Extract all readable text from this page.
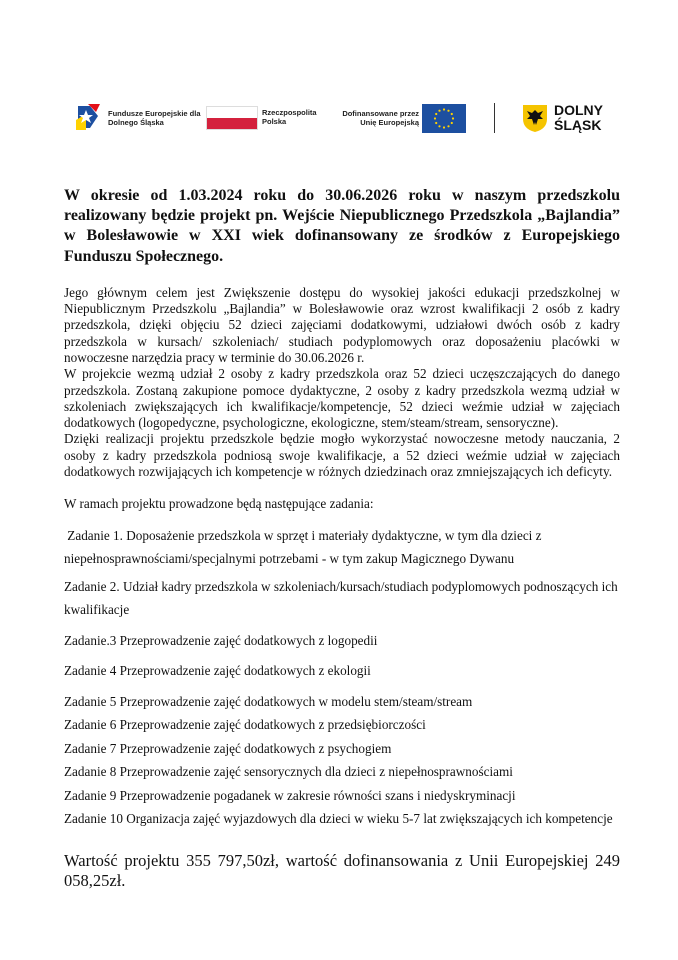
Fundusze Europejskie dla Dolnego Śląska
Rzeczpospolita Polska
Dofinansowane przez Unię Europejską
DOLNY
ŚLĄSK

W okresie od 1.03.2024 roku do 30.06.2026 roku w naszym przedszkolu realizowany będzie projekt pn. Wejście Niepublicznego Przedszkola „Bajlandia” w Bolesławowie w XXI wiek dofinansowany ze środków z Europejskiego Funduszu Społecznego.

Jego głównym celem jest Zwiększenie dostępu do wysokiej jakości edukacji przedszkolnej w Niepublicznym Przedszkolu „Bajlandia” w Bolesławowie oraz wzrost kwalifikacji 2 osób z kadry przedszkola, dzięki objęciu 52 dzieci zajęciami dodatkowymi, udziałowi dwóch osób z kadry przedszkola w kursach/ szkoleniach/ studiach podyplomowych oraz doposażeniu placówki w nowoczesne narzędzia pracy w terminie do 30.06.2026 r.

W projekcie wezmą udział 2 osoby z kadry przedszkola oraz 52 dzieci uczęszczających do danego przedszkola. Zostaną zakupione pomoce dydaktyczne, 2 osoby z kadry przedszkola wezmą udział w szkoleniach zwiększających ich kwalifikacje/kompetencje, 52 dzieci weźmie udział w zajęciach dodatkowych (logopedyczne, psychologiczne, ekologiczne, stem/steam/stream, sensoryczne).

Dzięki realizacji projektu przedszkole będzie mogło wykorzystać nowoczesne metody nauczania, 2 osoby z kadry przedszkola podniosą swoje kwalifikacje, a 52 dzieci weźmie udział w zajęciach dodatkowych rozwijających ich kompetencje w różnych dziedzinach oraz zmniejszających ich deficyty.

W ramach projektu prowadzone będą następujące zadania:

Zadanie 1. Doposażenie przedszkola w sprzęt i materiały dydaktyczne, w tym dla dzieci z niepełnosprawnościami/specjalnymi potrzebami - w tym zakup Magicznego Dywanu

Zadanie 2. Udział kadry przedszkola w szkoleniach/kursach/studiach podyplomowych podnoszących ich kwalifikacje

Zadanie.3 Przeprowadzenie zajęć dodatkowych z logopedii

Zadanie 4 Przeprowadzenie zajęć dodatkowych z ekologii

Zadanie 5 Przeprowadzenie zajęć dodatkowych w modelu stem/steam/stream

Zadanie 6 Przeprowadzenie zajęć dodatkowych z przedsiębiorczości

Zadanie 7 Przeprowadzenie zajęć dodatkowych z psychogiem

Zadanie 8 Przeprowadzenie zajęć sensorycznych dla dzieci z niepełnosprawnościami

Zadanie 9 Przeprowadzenie pogadanek w zakresie równości szans i niedyskryminacji

Zadanie 10 Organizacja zajęć wyjazdowych dla dzieci w wieku 5-7 lat zwiększających ich kompetencje

Wartość projektu 355 797,50zł, wartość dofinansowania z Unii Europejskiej 249 058,25zł.
